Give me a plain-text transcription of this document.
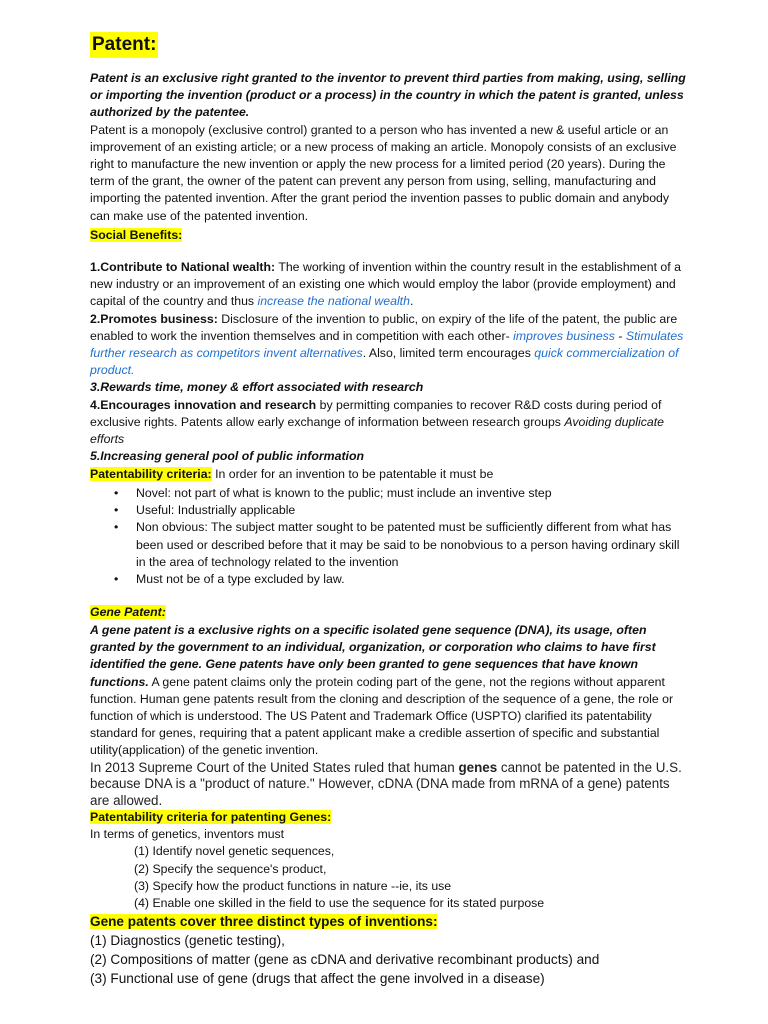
Patent:
Patent is an exclusive right granted to the inventor to prevent third parties from making, using, selling or importing the invention (product or a process) in the country in which the patent is granted, unless authorized by the patentee.
Patent is a monopoly (exclusive control) granted to a person who has invented a new & useful article or an improvement of an existing article; or a new process of making an article. Monopoly consists of an exclusive right to manufacture the new invention or apply the new process for a limited period (20 years). During the term of the grant, the owner of the patent can prevent any person from using, selling, manufacturing and importing the patented invention. After the grant period the invention passes to public domain and anybody can make use of the patented invention.
Social Benefits:
1.Contribute to National wealth: The working of invention within the country result in the establishment of a new industry or an improvement of an existing one which would employ the labor (provide employment) and capital of the country and thus increase the national wealth.
2.Promotes business: Disclosure of the invention to public, on expiry of the life of the patent, the public are enabled to work the invention themselves and in competition with each other- improves business - Stimulates further research as competitors invent alternatives. Also, limited term encourages quick commercialization of product.
3.Rewards time, money & effort associated with research
4.Encourages innovation and research by permitting companies to recover R&D costs during period of exclusive rights. Patents allow early exchange of information between research groups Avoiding duplicate efforts
5.Increasing general pool of public information
Patentability criteria: In order for an invention to be patentable it must be
• Novel: not part of what is known to the public; must include an inventive step
• Useful: Industrially applicable
• Non obvious: The subject matter sought to be patented must be sufficiently different from what has been used or described before that it may be said to be nonobvious to a person having ordinary skill in the area of technology related to the invention
• Must not be of a type excluded by law.
Gene Patent:
A gene patent is a exclusive rights on a specific isolated gene sequence (DNA), its usage, often granted by the government to an individual, organization, or corporation who claims to have first identified the gene. Gene patents have only been granted to gene sequences that have known functions. A gene patent claims only the protein coding part of the gene, not the regions without apparent function. Human gene patents result from the cloning and description of the sequence of a gene, the role or function of which is understood. The US Patent and Trademark Office (USPTO) clarified its patentability standard for genes, requiring that a patent applicant make a credible assertion of specific and substantial utility(application) of the genetic invention.
In 2013 Supreme Court of the United States ruled that human genes cannot be patented in the U.S. because DNA is a "product of nature." However, cDNA (DNA made from mRNA of a gene) patents are allowed.
Patentability criteria for patenting Genes:
In terms of genetics, inventors must
(1) Identify novel genetic sequences,
(2) Specify the sequence's product,
(3) Specify how the product functions in nature --ie, its use
(4) Enable one skilled in the field to use the sequence for its stated purpose
Gene patents cover three distinct types of inventions:
(1) Diagnostics (genetic testing),
(2) Compositions of matter (gene as cDNA and derivative recombinant products) and
(3) Functional use of gene (drugs that affect the gene involved in a disease)
